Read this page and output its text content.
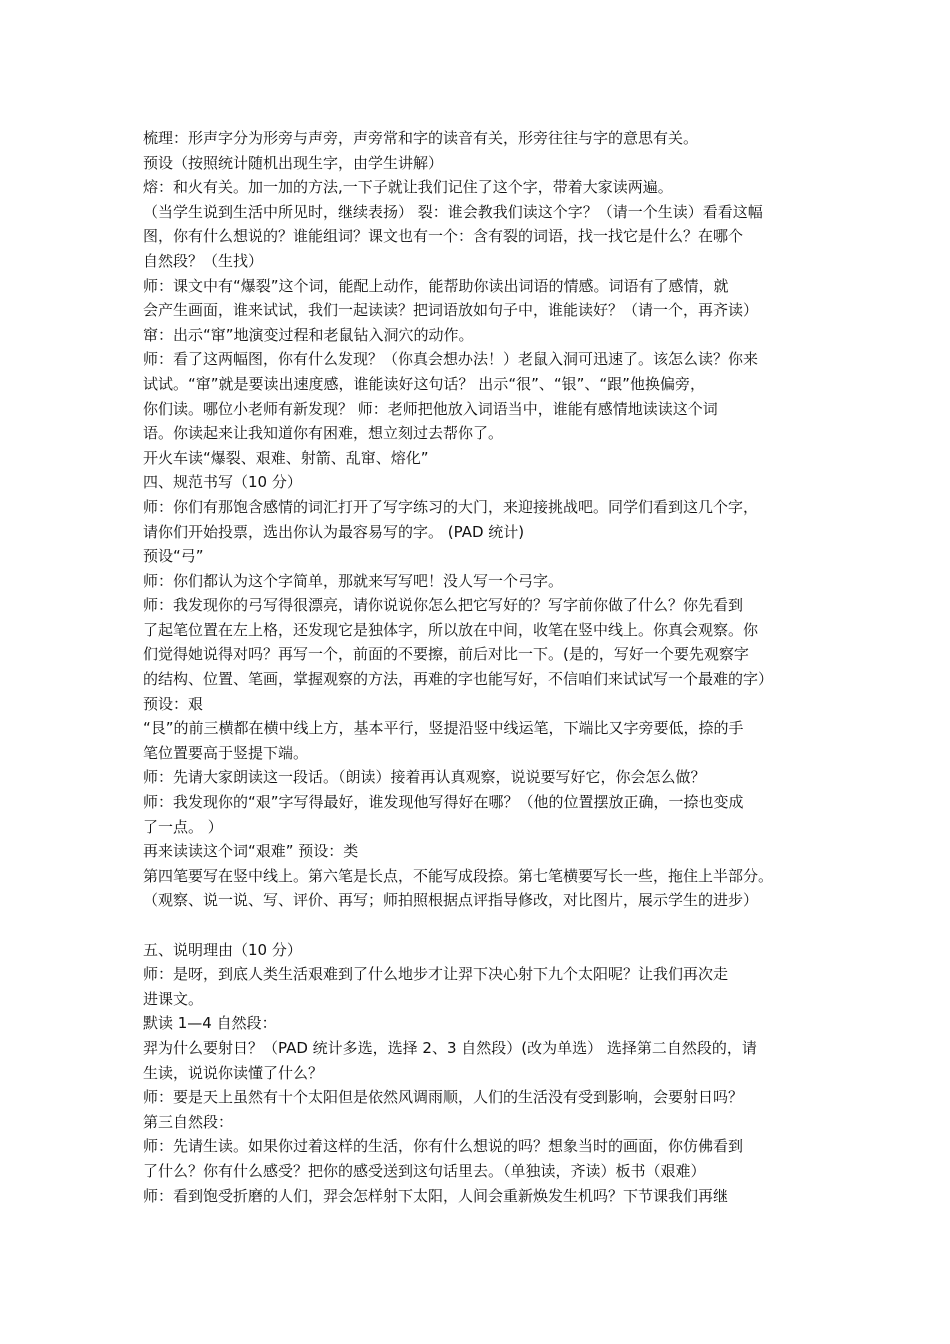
梳理：形声字分为形旁与声旁，声旁常和字的读音有关，形旁往往与字的意思有关。
预设（按照统计随机出现生字，由学生讲解）
熔：和火有关。加一加的方法,一下子就让我们记住了这个字，带着大家读两遍。
（当学生说到生活中所见时，继续表扬） 裂：谁会教我们读这个字？（请一个生读）看看这幅
图，你有什么想说的？谁能组词？课文也有一个：含有裂的词语，找一找它是什么？在哪个
自然段？（生找）
师：课文中有“爆裂”这个词，能配上动作，能帮助你读出词语的情感。词语有了感情，就
会产生画面，谁来试试，我们一起读读？把词语放如句子中，谁能读好？（请一个，再齐读）
窜：出示“窜”地演变过程和老鼠钻入洞穴的动作。
师：看了这两幅图，你有什么发现？（你真会想办法！）老鼠入洞可迅速了。该怎么读？你来
试试。“窜”就是要读出速度感，谁能读好这句话？ 出示“很”、“银”、“跟”他换偏旁，
你们读。哪位小老师有新发现？ 师：老师把他放入词语当中，谁能有感情地读读这个词
语。你读起来让我知道你有困难，想立刻过去帮你了。
开火车读“爆裂、艰难、射箭、乱窜、熔化”
四、规范书写（10 分）
师：你们有那饱含感情的词汇打开了写字练习的大门，来迎接挑战吧。同学们看到这几个字，
请你们开始投票，选出你认为最容易写的字。 (PAD 统计)
预设“弓”
师：你们都认为这个字简单，那就来写写吧！没人写一个弓字。
师：我发现你的弓写得很漂亮，请你说说你怎么把它写好的？写字前你做了什么？你先看到
了起笔位置在左上格，还发现它是独体字，所以放在中间，收笔在竖中线上。你真会观察。你
们觉得她说得对吗？再写一个，前面的不要擦，前后对比一下。(是的，写好一个要先观察字
的结构、位置、笔画，掌握观察的方法，再难的字也能写好，不信咱们来试试写一个最难的字）
预设：艰
“艮”的前三横都在横中线上方，基本平行，竖提沿竖中线运笔，下端比又字旁要低，捺的手
笔位置要高于竖提下端。
师：先请大家朗读这一段话。（朗读）接着再认真观察，说说要写好它，你会怎么做？
师：我发现你的“艰”字写得最好，谁发现他写得好在哪？（他的位置摆放正确，一捺也变成
了一点。 ）
再来读读这个词“艰难” 预设：类
第四笔要写在竖中线上。第六笔是长点，不能写成段捺。第七笔横要写长一些，拖住上半部分。
（观察、说一说、写、评价、再写；师拍照根据点评指导修改，对比图片，展示学生的进步）
五、说明理由（10 分）
师：是呀，到底人类生活艰难到了什么地步才让羿下决心射下九个太阳呢？让我们再次走
进课文。
默读 1—4 自然段：
羿为什么要射日？（PAD 统计多选，选择 2、3 自然段）(改为单选） 选择第二自然段的，请
生读，说说你读懂了什么？
师：要是天上虽然有十个太阳但是依然风调雨顺，人们的生活没有受到影响，会要射日吗？
第三自然段：
师：先请生读。如果你过着这样的生活，你有什么想说的吗？想象当时的画面，你仿佛看到
了什么？你有什么感受？把你的感受送到这句话里去。（单独读，齐读）板书（艰难）
师：看到饱受折磨的人们，羿会怎样射下太阳，人间会重新焕发生机吗？下节课我们再继
